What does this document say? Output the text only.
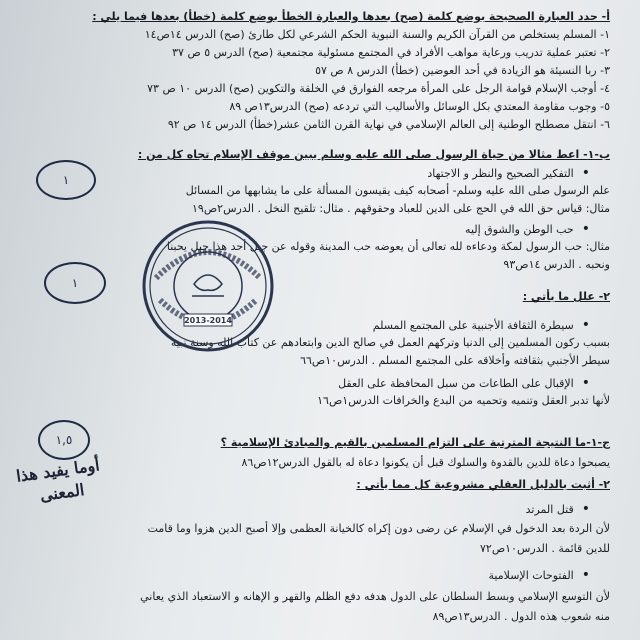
أ- حدد العبارة الصحيحة بوضع كلمة (صح) بعدها والعبارة الخطأ بوضع كلمة (خطأ) بعدها فيما يلي :
١- المسلم يستخلص من القرآن الكريم والسنة النبوية الحكم الشرعي لكل طارئ (صح) الدرس ١٤ص١٤
٢- تعتبر عملية تدريب ورعاية مواهب الأفراد في المجتمع مسئولية مجتمعية (صح) الدرس ٥ ص ٣٧
٣- ربا النسيئة هو الزيادة في أحد العوضين (خطأ) الدرس ٨ ص ٥٧
٤- أوجب الإسلام قوامة الرجل على المرأة مرجعه الفوارق في الخلقة والتكوين (صح) الدرس ١٠ ص ٧٣
٥- وجوب مقاومة المعتدي بكل الوسائل والأساليب التي تردعه (صح) الدرس١٣ص ٨٩
٦- انتقل مصطلح الوطنية إلى العالم الإسلامي في نهاية القرن الثامن عشر(خطأ) الدرس ١٤ ص ٩٢
ب-١- اعط مثالا من حياة الرسول صلى الله عليه وسلم يبين موقف الإسلام تجاه كل من :
• التفكير الصحيح والنظر و الاجتهاد
علم الرسول صلى الله عليه وسلم- أصحابه كيف يقيسون المسألة على ما يشابهها من المسائل
مثال: قياس حق الله في الحج على الدين للعباد وحقوقهم . مثال: تلقيح النخل . الدرس٢ص١٩
• حب الوطن والشوق إليه
مثال: حب الرسول لمكة ودعاءه لله تعالى أن يعوضه حب المدينة وقوله عن جبل أحد هذا جبل يحبنا
ونحبه . الدرس ١٤ص٩٣
٢- علل ما يأتي :
• سيطرة الثقافة الأجنبية على المجتمع المسلم
بسبب ركون المسلمين إلى الدنيا وتركهم العمل في صالح الدين وابتعادهم عن كتاب الله وسنة نبيه
سيطر الأجنبي بثقافته وأخلاقه على المجتمع المسلم . الدرس١٠ص٦٦
• الإقبال على الطاعات من سبل المحافظة على العقل
لأنها تدبر العقل وتنميه وتحميه من البدع والخرافات الدرس١ص١٦
ج-١-ما النتيجة المترتبة على التزام المسلمين بالقيم والمبادئ الإسلامية ؟
يصبحوا دعاة للدين بالقدوة والسلوك قبل أن يكونوا دعاة له بالقول الدرس١٢ص٨٦
٢- أثبت بالدليل العقلي مشروعية كل مما يأتي :
• قتل المرتد
لأن الردة بعد الدخول في الإسلام عن رضى دون إكراه كالخيانة العظمى وإلا أصبح الدين هزوا وما قامت
للدين قائمة . الدرس١٠ص٧٢
• الفتوحات الإسلامية
لأن التوسع الإسلامي وبسط السلطان على الدول هدفه دفع الظلم والقهر و الإهانه و الاستعباد الذي يعاني
منه شعوب هذه الدول . الدرس١٣ص٨٩
١
١
١,٥
أوما يفيد هذا
المعنى
2013-2014
